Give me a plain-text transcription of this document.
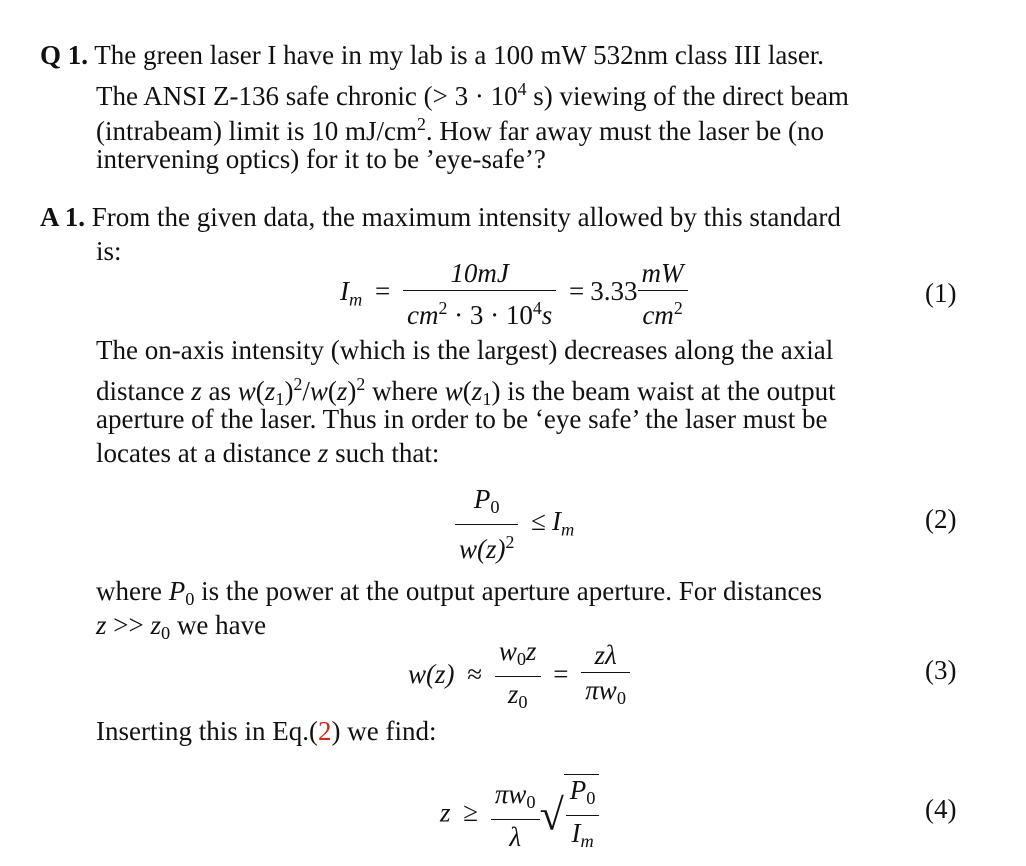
Q 1. The green laser I have in my lab is a 100 mW 532nm class III laser.
The ANSI Z-136 safe chronic (> $3 \cdot 10^4$ s) viewing of the direct beam
(intrabeam) limit is 10 $mJ/cm^2$. How far away must the laser be (no
intervening optics) for it to be ’eye-safe’?
A 1. From the given data, the maximum intensity allowed by this standard
is:
$I_m = \frac{10mJ}{cm^2 \cdot 3 \cdot 10^4s} = 3.33 \frac{mW}{cm^2}$	(1)
The on-axis intensity (which is the largest) decreases along the axial
distance z as $w(z_1)^2/w(z)^2$ where $w(z_1)$ is the beam waist at the output
aperture of the laser. Thus in order to be ‘eye safe’ the laser must be
locates at a distance z such that:
$\frac{P_0}{w(z)^2} \le I_m$	(2)
where $P_0$ is the power at the output aperture aperture. For distances
$z >> z_0$ we have
$w(z) \approx \frac{w_0z}{z_0} = \frac{z\lambda}{\pi w_0}$	(3)
Inserting this in Eq.(2) we find:
$z \ge \frac{\pi w_0}{\lambda}$ √ $\frac{P_0}{I_m}$	(4)
